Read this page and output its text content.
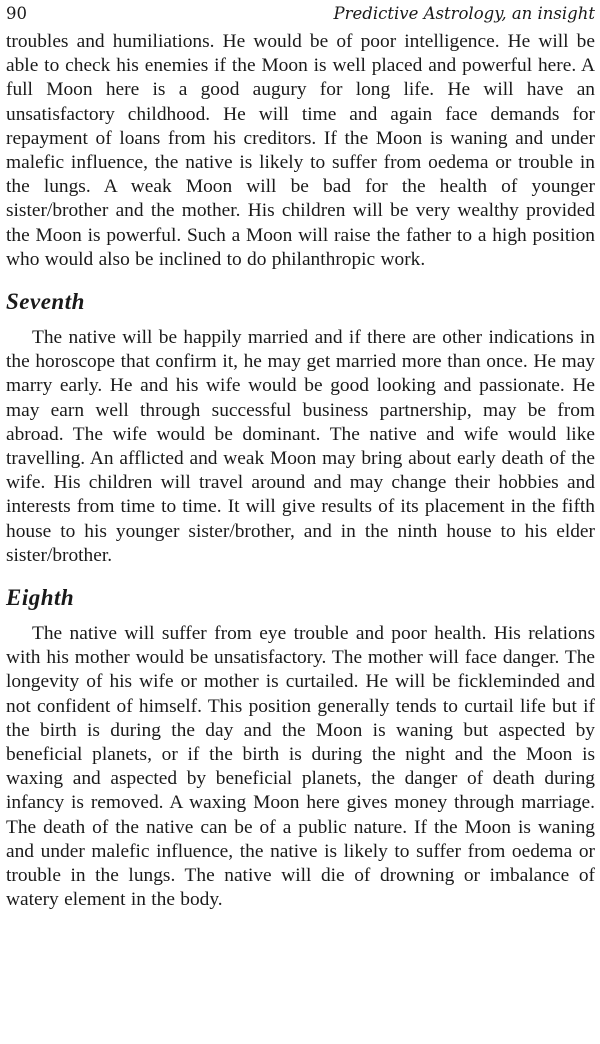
90	Predictive Astrology, an insight

troubles and humiliations. He would be of poor intelligence. He will be able to check his enemies if the Moon is well placed and powerful here. A full Moon here is a good augury for long life. He will have an unsatisfactory childhood. He will time and again face demands for repayment of loans from his creditors. If the Moon is waning and under malefic influence, the native is likely to suffer from oedema or trouble in the lungs. A weak Moon will be bad for the health of younger sister/brother and the mother. His children will be very wealthy provided the Moon is powerful. Such a Moon will raise the father to a high position who would also be inclined to do philanthropic work.

Seventh

The native will be happily married and if there are other indications in the horoscope that confirm it, he may get married more than once. He may marry early. He and his wife would be good looking and passionate. He may earn well through successful business partnership, may be from abroad. The wife would be dominant. The native and wife would like travelling. An afflicted and weak Moon may bring about early death of the wife. His children will travel around and may change their hobbies and interests from time to time. It will give results of its placement in the fifth house to his younger sister/brother, and in the ninth house to his elder sister/brother.

Eighth

The native will suffer from eye trouble and poor health. His relations with his mother would be unsatisfactory. The mother will face danger. The longevity of his wife or mother is curtailed. He will be fickleminded and not confident of himself. This position generally tends to curtail life but if the birth is during the day and the Moon is waning but aspected by beneficial planets, or if the birth is during the night and the Moon is waxing and aspected by beneficial planets, the danger of death during infancy is removed. A waxing Moon here gives money through marriage. The death of the native can be of a public nature. If the Moon is waning and under malefic influence, the native is likely to suffer from oedema or trouble in the lungs. The native will die of drowning or imbalance of watery element in the body.
